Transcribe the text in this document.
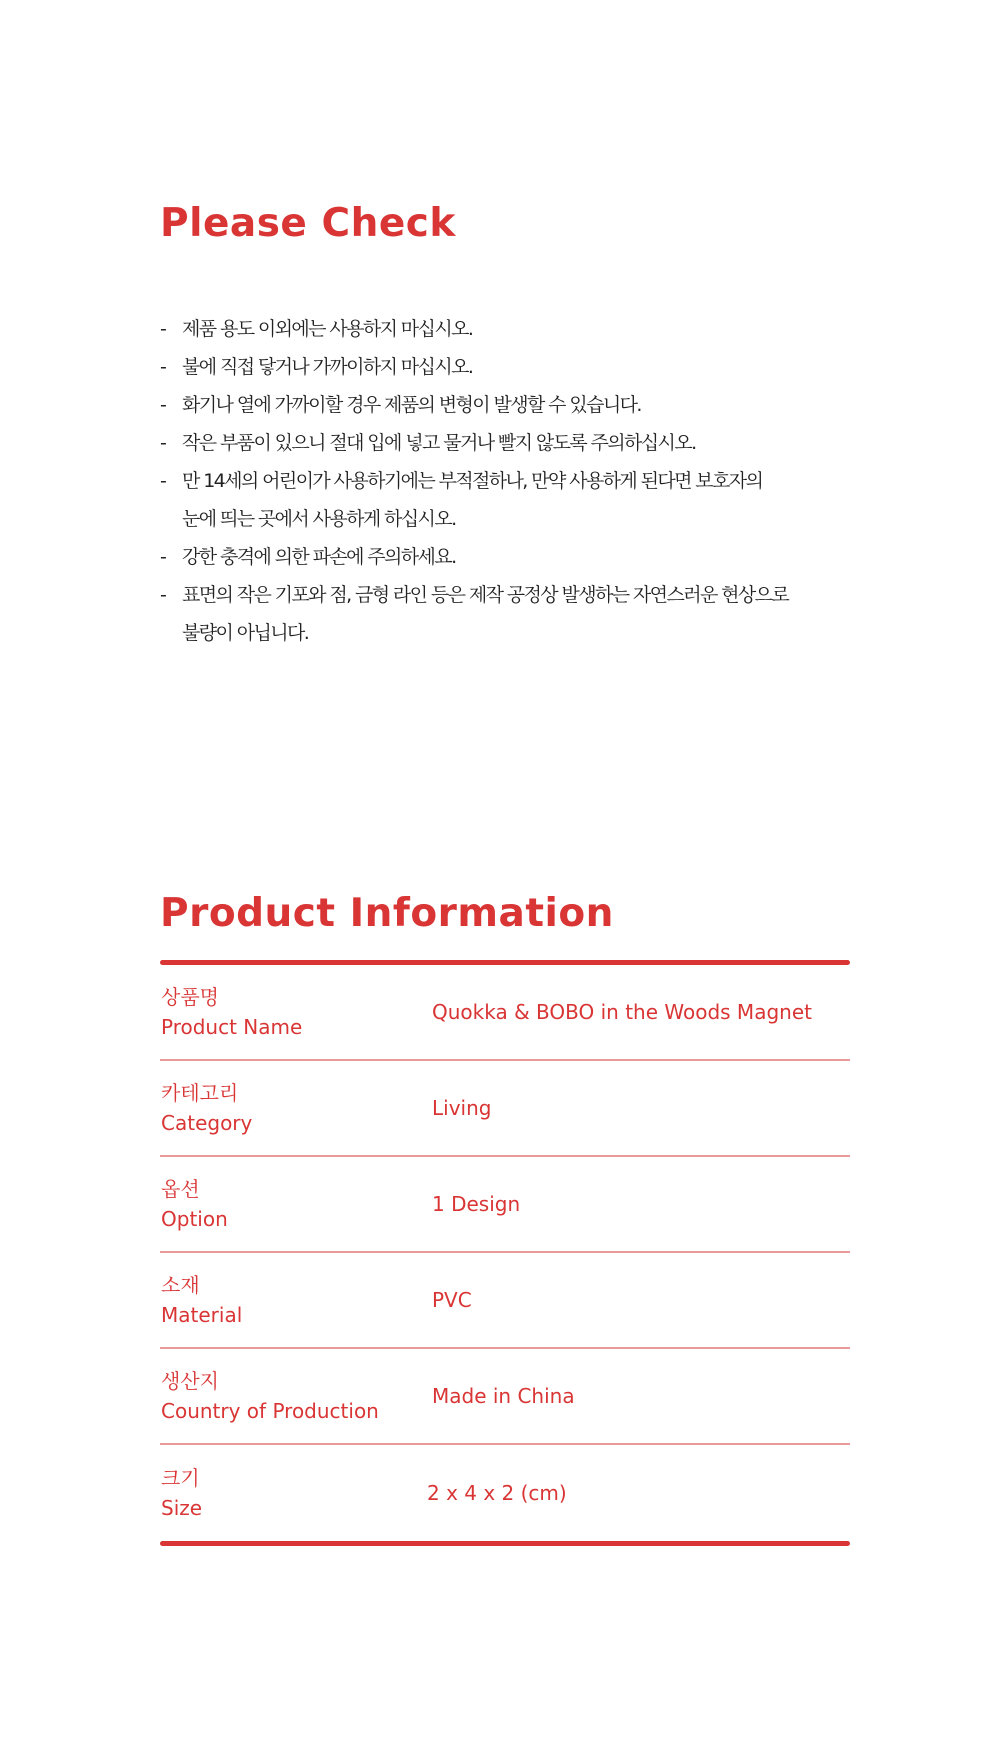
Please Check
- 제품 용도 이외에는 사용하지 마십시오.
- 불에 직접 닿거나 가까이하지 마십시오.
- 화기나 열에 가까이할 경우 제품의 변형이 발생할 수 있습니다.
- 작은 부품이 있으니 절대 입에 넣고 물거나 빨지 않도록 주의하십시오.
- 만 14세의 어린이가 사용하기에는 부적절하나, 만약 사용하게 된다면 보호자의
눈에 띄는 곳에서 사용하게 하십시오.
- 강한 충격에 의한 파손에 주의하세요.
- 표면의 작은 기포와 점, 금형 라인 등은 제작 공정상 발생하는 자연스러운 현상으로
불량이 아닙니다.
Product Information
상품명
Product Name
Quokka & BOBO in the Woods Magnet
카테고리
Category
Living
옵션
Option
1 Design
소재
Material
PVC
생산지
Country of Production
Made in China
크기
Size
2 x 4 x 2 (cm)
